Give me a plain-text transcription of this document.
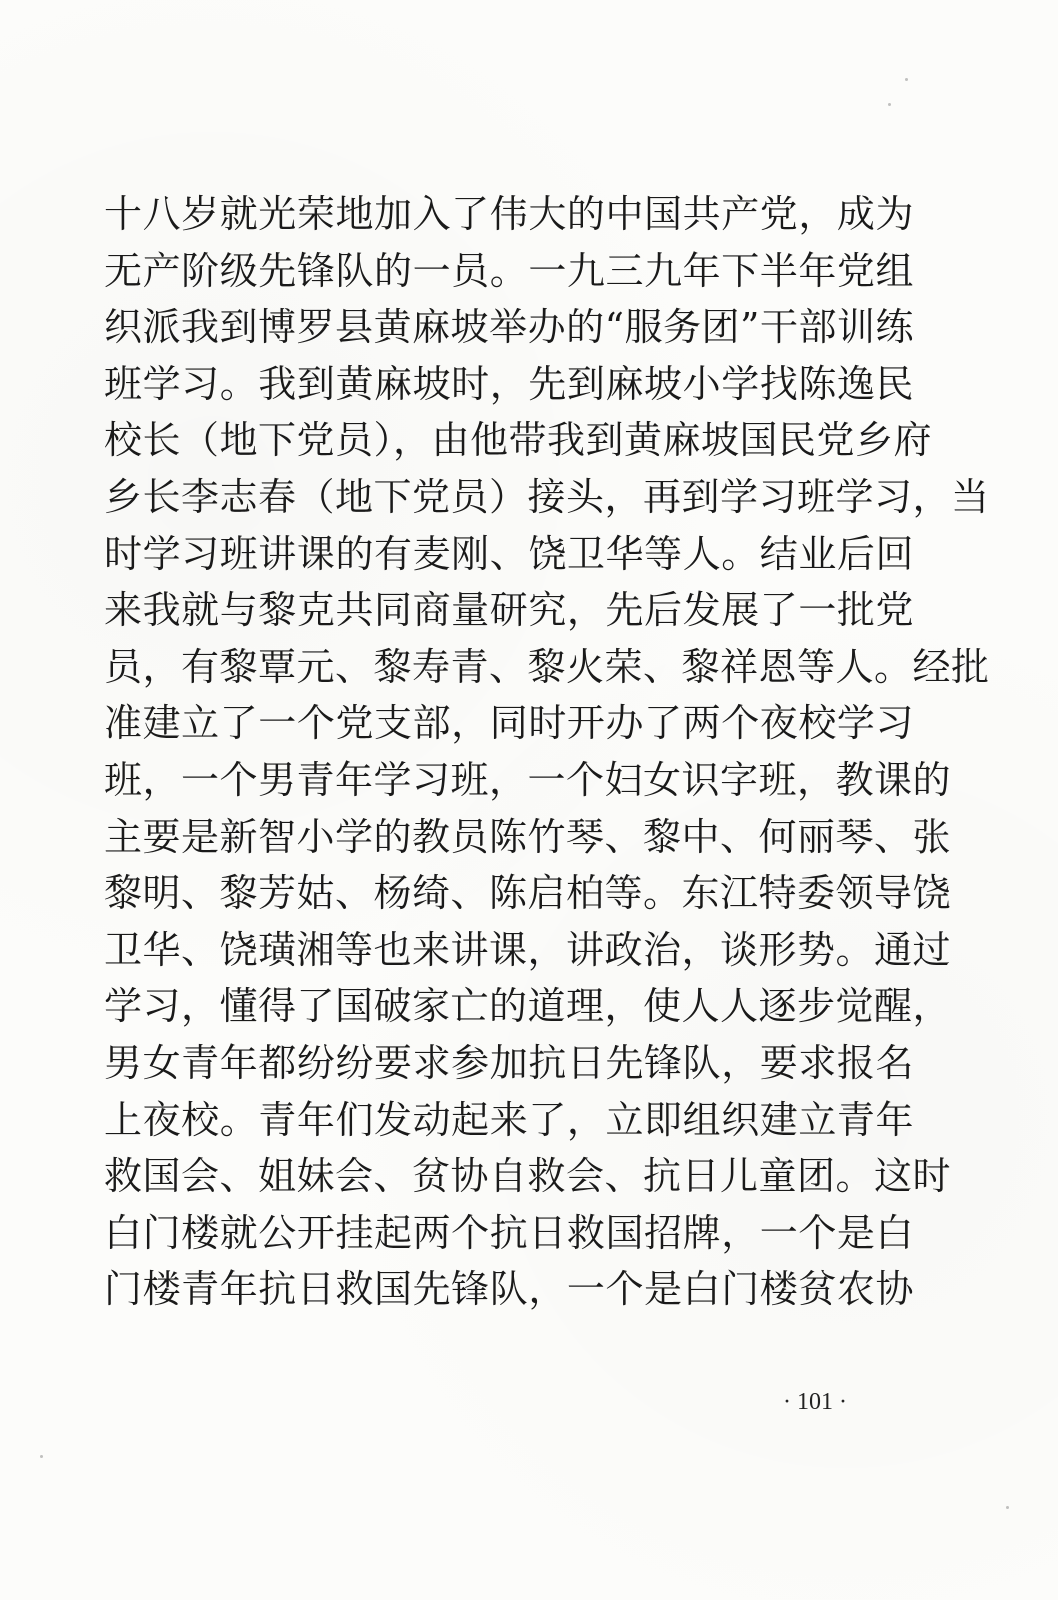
十八岁就光荣地加入了伟大的中国共产党，成为
无产阶级先锋队的一员。一九三九年下半年党组
织派我到博罗县黄麻坡举办的“服务团”干部训练
班学习。我到黄麻坡时，先到麻坡小学找陈逸民
校长（地下党员），由他带我到黄麻坡国民党乡府
乡长李志春（地下党员）接头，再到学习班学习，当
时学习班讲课的有麦刚、饶卫华等人。结业后回
来我就与黎克共同商量研究，先后发展了一批党
员，有黎覃元、黎寿青、黎火荣、黎祥恩等人。经批
准建立了一个党支部，同时开办了两个夜校学习
班，一个男青年学习班，一个妇女识字班，教课的
主要是新智小学的教员陈竹琴、黎中、何丽琴、张
黎明、黎芳姑、杨绮、陈启柏等。东江特委领导饶
卫华、饶璜湘等也来讲课，讲政治，谈形势。通过
学习，懂得了国破家亡的道理，使人人逐步觉醒，
男女青年都纷纷要求参加抗日先锋队，要求报名
上夜校。青年们发动起来了，立即组织建立青年
救国会、姐妹会、贫协自救会、抗日儿童团。这时
白门楼就公开挂起两个抗日救国招牌，一个是白
门楼青年抗日救国先锋队，一个是白门楼贫农协
· 101 ·
